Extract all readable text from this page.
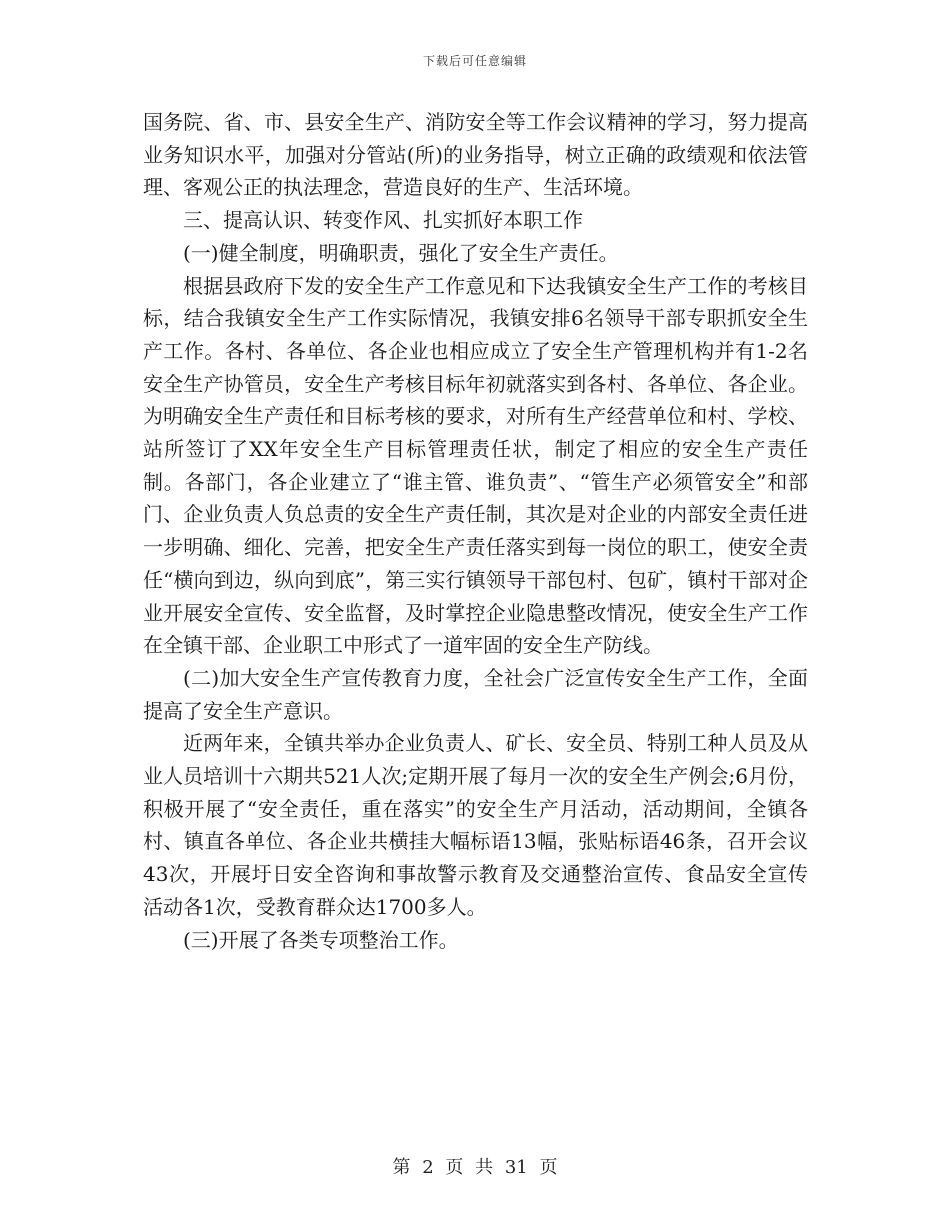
下载后可任意编辑

国务院、省、市、县安全生产、消防安全等工作会议精神的学习，努力提高业务知识水平，加强对分管站(所)的业务指导，树立正确的政绩观和依法管理、客观公正的执法理念，营造良好的生产、生活环境。

三、提高认识、转变作风、扎实抓好本职工作

(一)健全制度，明确职责，强化了安全生产责任。

根据县政府下发的安全生产工作意见和下达我镇安全生产工作的考核目标，结合我镇安全生产工作实际情况，我镇安排6名领导干部专职抓安全生产工作。各村、各单位、各企业也相应成立了安全生产管理机构并有1-2名安全生产协管员，安全生产考核目标年初就落实到各村、各单位、各企业。为明确安全生产责任和目标考核的要求，对所有生产经营单位和村、学校、站所签订了XX年安全生产目标管理责任状，制定了相应的安全生产责任制。各部门，各企业建立了“谁主管、谁负责”、“管生产必须管安全”和部门、企业负责人负总责的安全生产责任制，其次是对企业的内部安全责任进一步明确、细化、完善，把安全生产责任落实到每一岗位的职工，使安全责任“横向到边，纵向到底”，第三实行镇领导干部包村、包矿，镇村干部对企业开展安全宣传、安全监督，及时掌控企业隐患整改情况，使安全生产工作在全镇干部、企业职工中形式了一道牢固的安全生产防线。

(二)加大安全生产宣传教育力度，全社会广泛宣传安全生产工作，全面提高了安全生产意识。

近两年来，全镇共举办企业负责人、矿长、安全员、特别工种人员及从业人员培训十六期共521人次;定期开展了每月一次的安全生产例会;6月份，积极开展了“安全责任，重在落实”的安全生产月活动，活动期间，全镇各村、镇直各单位、各企业共横挂大幅标语13幅，张贴标语46条，召开会议43次，开展圩日安全咨询和事故警示教育及交通整治宣传、食品安全宣传活动各1次，受教育群众达1700多人。

(三)开展了各类专项整治工作。

第 2 页 共 31 页
